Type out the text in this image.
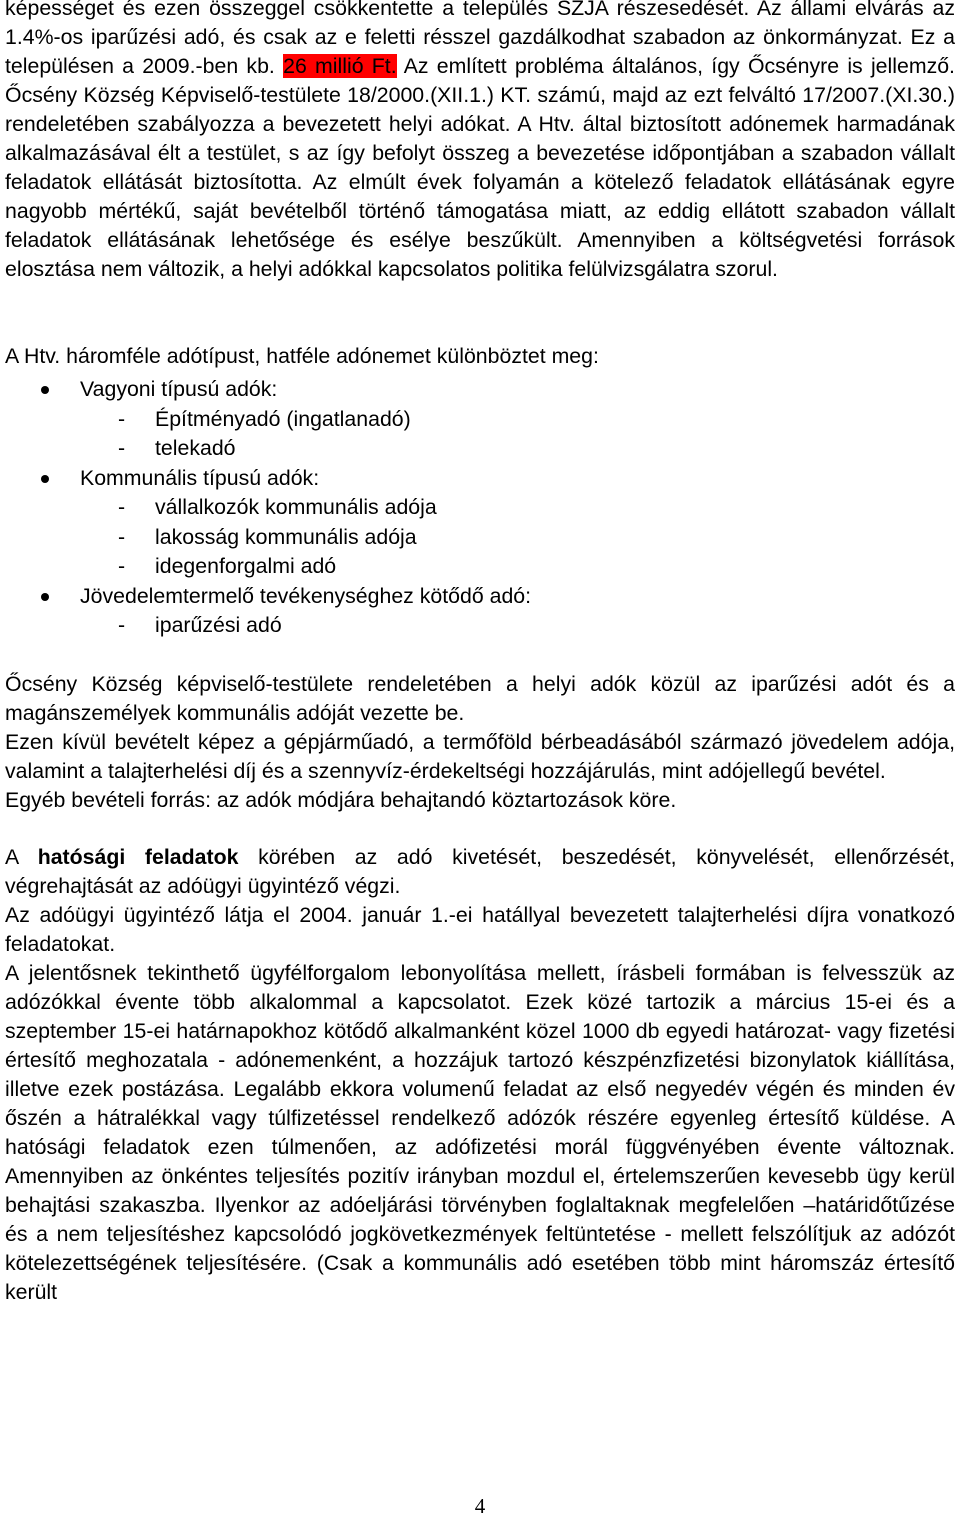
képességet és ezen összeggel csökkentette a település SZJA részesedését. Az állami elvárás az 1.4%-os iparűzési adó, és csak az e feletti résszel gazdálkodhat szabadon az önkormányzat. Ez a településen a 2009.-ben kb. 26 millió Ft. Az említett probléma általános, így Őcsényre is jellemző. Őcsény Község Képviselő-testülete 18/2000.(XII.1.) KT. számú, majd az ezt felváltó 17/2007.(XI.30.) rendeletében szabályozza a bevezetett helyi adókat. A Htv. által biztosított adónemek harmadának alkalmazásával élt a testület, s az így befolyt összeg a bevezetése időpontjában a szabadon vállalt feladatok ellátását biztosította. Az elmúlt évek folyamán a kötelező feladatok ellátásának egyre nagyobb mértékű, saját bevételből történő támogatása miatt, az eddig ellátott szabadon vállalt feladatok ellátásának lehetősége és esélye beszűkült. Amennyiben a költségvetési források elosztása nem változik, a helyi adókkal kapcsolatos politika felülvizsgálatra szorul.

A Htv. háromféle adótípust, hatféle adónemet különböztet meg:

Vagyoni típusú adók:
- Építményadó (ingatlanadó)
- telekadó
Kommunális típusú adók:
- vállalkozók kommunális adója
- lakosság kommunális adója
- idegenforgalmi adó
Jövedelemtermelő tevékenységhez kötődő adó:
- iparűzési adó

Őcsény Község képviselő-testülete rendeletében a helyi adók közül az iparűzési adót és a magánszemélyek kommunális adóját vezette be.

Ezen kívül bevételt képez a gépjárműadó, a termőföld bérbeadásából származó jövedelem adója, valamint a talajterhelési díj és a szennyvíz-érdekeltségi hozzájárulás, mint adójellegű bevétel.

Egyéb bevételi forrás: az adók módjára behajtandó köztartozások köre.

A hatósági feladatok körében az adó kivetését, beszedését, könyvelését, ellenőrzését, végrehajtását az adóügyi ügyintéző végzi.

Az adóügyi ügyintéző látja el 2004. január 1.-ei hatállyal bevezetett talajterhelési díjra vonatkozó feladatokat.

A jelentősnek tekinthető ügyfélforgalom lebonyolítása mellett, írásbeli formában is felvesszük az adózókkal évente több alkalommal a kapcsolatot. Ezek közé tartozik a március 15-ei és a szeptember 15-ei határnapokhoz kötődő alkalmanként közel 1000 db egyedi határozat- vagy fizetési értesítő meghozatala - adónemenként, a hozzájuk tartozó készpénzfizetési bizonylatok kiállítása, illetve ezek postázása. Legalább ekkora volumenű feladat az első negyedév végén és minden év őszén a hátralékkal vagy túlfizetéssel rendelkező adózók részére egyenleg értesítő küldése. A hatósági feladatok ezen túlmenően, az adófizetési morál függvényében évente változnak. Amennyiben az önkéntes teljesítés pozitív irányban mozdul el, értelemszerűen kevesebb ügy kerül behajtási szakaszba. Ilyenkor az adóeljárási törvényben foglaltaknak megfelelően –határidőtűzése és a nem teljesítéshez kapcsolódó jogkövetkezmények feltüntetése - mellett felszólítjuk az adózót kötelezettségének teljesítésére. (Csak a kommunális adó esetében több mint háromszáz értesítő került

4
